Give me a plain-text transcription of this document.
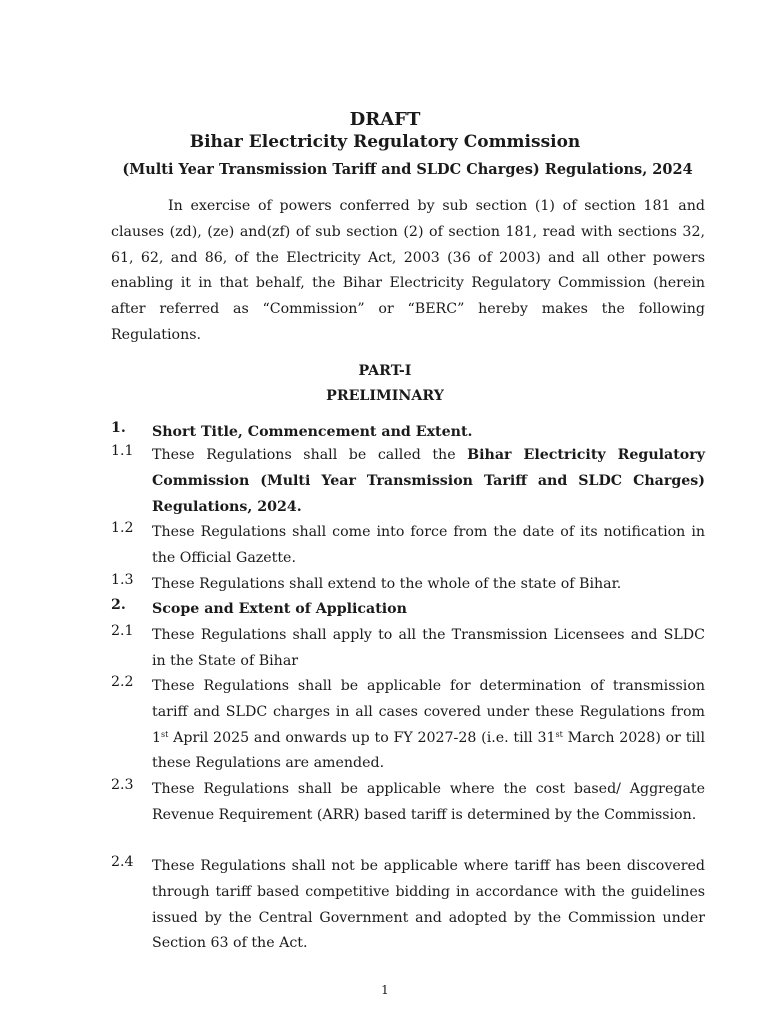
DRAFT
Bihar Electricity Regulatory Commission
(Multi Year Transmission Tariff and SLDC Charges) Regulations, 2024

In exercise of powers conferred by sub section (1) of section 181 and clauses (zd), (ze) and(zf) of sub section (2) of section 181, read with sections 32, 61, 62, and 86, of the Electricity Act, 2003 (36 of 2003) and all other powers enabling it in that behalf, the Bihar Electricity Regulatory Commission (herein after referred as “Commission” or “BERC” hereby makes the following Regulations.

PART-I
PRELIMINARY
1.	Short Title, Commencement and Extent.
1.1	These Regulations shall be called the Bihar Electricity Regulatory Commission (Multi Year Transmission Tariff and SLDC Charges) Regulations, 2024.
1.2	These Regulations shall come into force from the date of its notification in the Official Gazette.
1.3	These Regulations shall extend to the whole of the state of Bihar.
2.	Scope and Extent of Application
2.1	These Regulations shall apply to all the Transmission Licensees and SLDC in the State of Bihar
2.2	These Regulations shall be applicable for determination of transmission tariff and SLDC charges in all cases covered under these Regulations from 1st April 2025 and onwards up to FY 2027-28 (i.e. till 31st March 2028) or till these Regulations are amended.
2.3	These Regulations shall be applicable where the cost based/ Aggregate Revenue Requirement (ARR) based tariff is determined by the Commission.
2.4	These Regulations shall not be applicable where tariff has been discovered through tariff based competitive bidding in accordance with the guidelines issued by the Central Government and adopted by the Commission under Section 63 of the Act.
1
